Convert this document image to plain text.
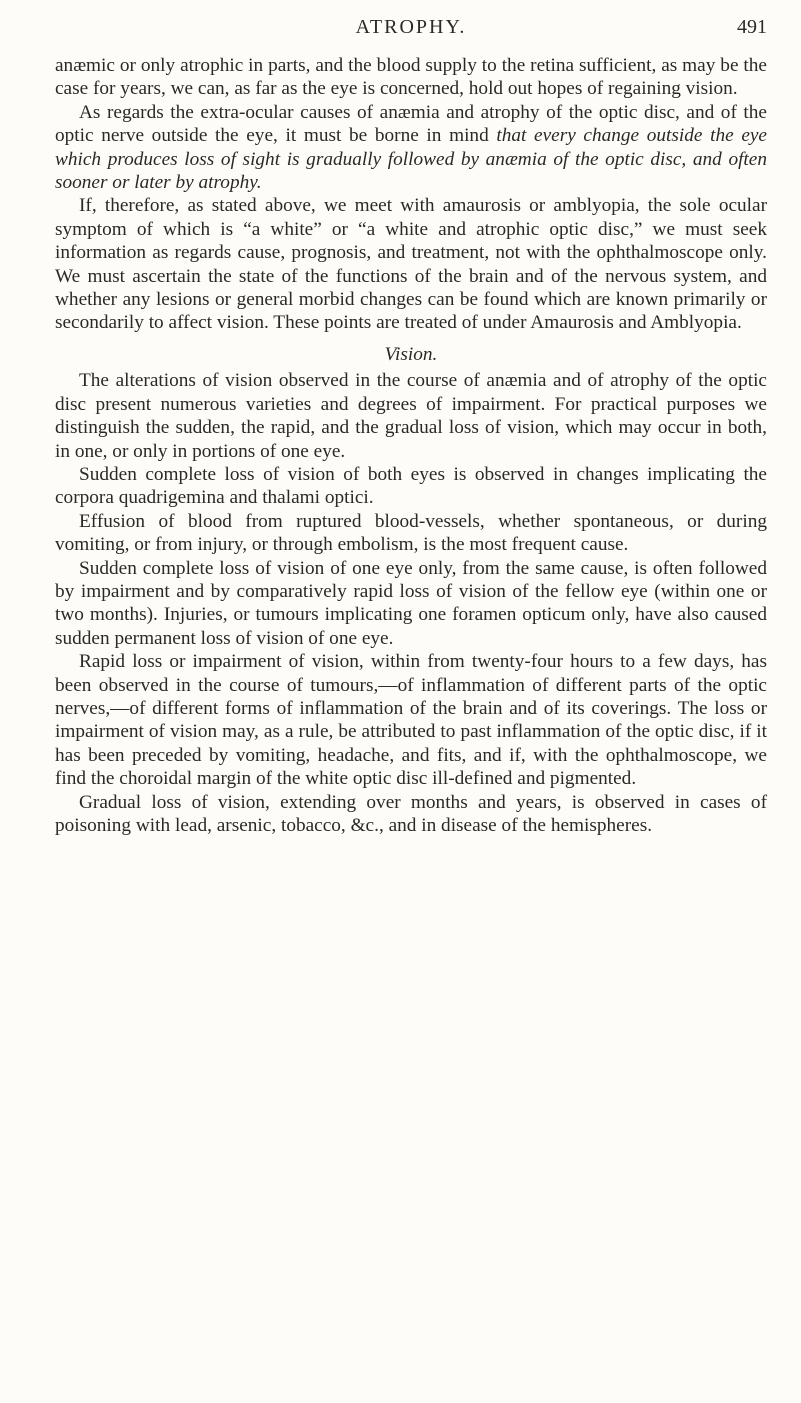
ATROPHY.	491

anæmic or only atrophic in parts, and the blood supply to the retina sufficient, as may be the case for years, we can, as far as the eye is concerned, hold out hopes of regaining vision.

As regards the extra-ocular causes of anæmia and atrophy of the optic disc, and of the optic nerve outside the eye, it must be borne in mind that every change outside the eye which produces loss of sight is gradually followed by anæmia of the optic disc, and often sooner or later by atrophy.

If, therefore, as stated above, we meet with amaurosis or amblyopia, the sole ocular symptom of which is “a white” or “a white and atrophic optic disc,” we must seek information as regards cause, prognosis, and treatment, not with the ophthalmoscope only. We must ascertain the state of the functions of the brain and of the nervous system, and whether any lesions or general morbid changes can be found which are known primarily or secondarily to affect vision. These points are treated of under Amaurosis and Amblyopia.

Vision.

The alterations of vision observed in the course of anæmia and of atrophy of the optic disc present numerous varieties and degrees of impairment. For practical purposes we distinguish the sudden, the rapid, and the gradual loss of vision, which may occur in both, in one, or only in portions of one eye.

Sudden complete loss of vision of both eyes is observed in changes implicating the corpora quadrigemina and thalami optici.

Effusion of blood from ruptured blood-vessels, whether spontaneous, or during vomiting, or from injury, or through embolism, is the most frequent cause.

Sudden complete loss of vision of one eye only, from the same cause, is often followed by impairment and by comparatively rapid loss of vision of the fellow eye (within one or two months). Injuries, or tumours implicating one foramen opticum only, have also caused sudden permanent loss of vision of one eye.

Rapid loss or impairment of vision, within from twenty-four hours to a few days, has been observed in the course of tumours,—of inflammation of different parts of the optic nerves,—of different forms of inflammation of the brain and of its coverings. The loss or impairment of vision may, as a rule, be attributed to past inflammation of the optic disc, if it has been preceded by vomiting, headache, and fits, and if, with the ophthalmoscope, we find the choroidal margin of the white optic disc ill-defined and pigmented.

Gradual loss of vision, extending over months and years, is observed in cases of poisoning with lead, arsenic, tobacco, &c., and in disease of the hemispheres.
